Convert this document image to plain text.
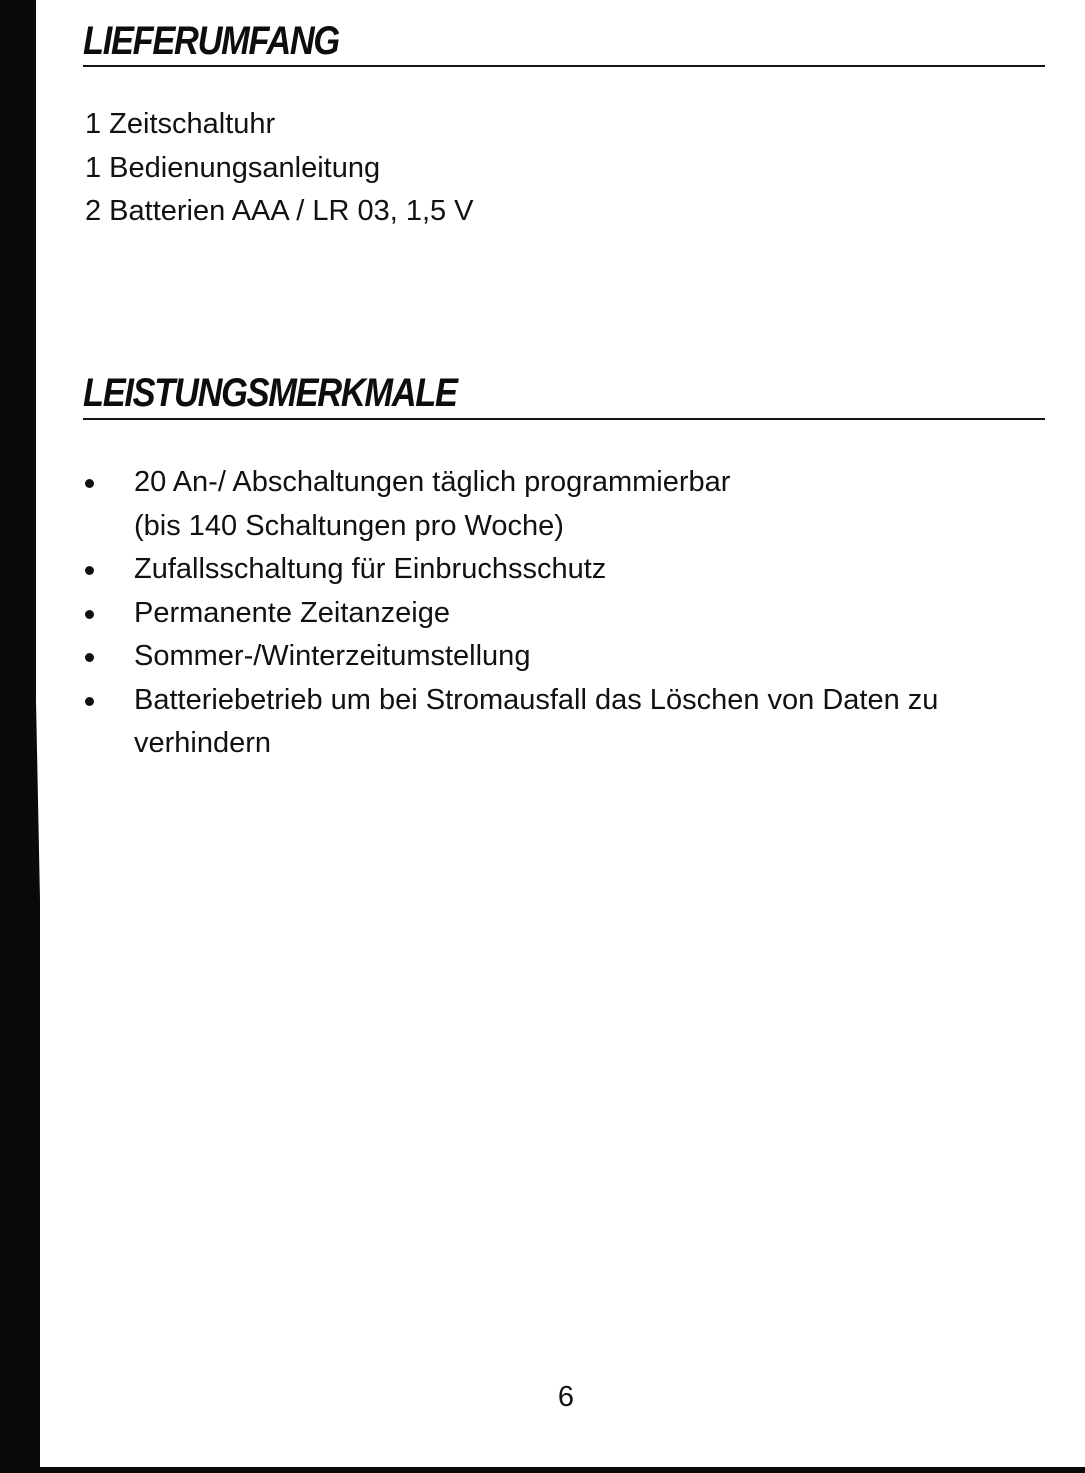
LIEFERUMFANG
1 Zeitschaltuhr
1 Bedienungsanleitung
2 Batterien AAA / LR 03, 1,5 V
LEISTUNGSMERKMALE
20 An-/ Abschaltungen täglich programmierbar
(bis 140 Schaltungen pro Woche)
Zufallsschaltung für Einbruchsschutz
Permanente Zeitanzeige
Sommer-/Winterzeitumstellung
Batteriebetrieb um bei Stromausfall das Löschen von Daten zu
verhindern
6
